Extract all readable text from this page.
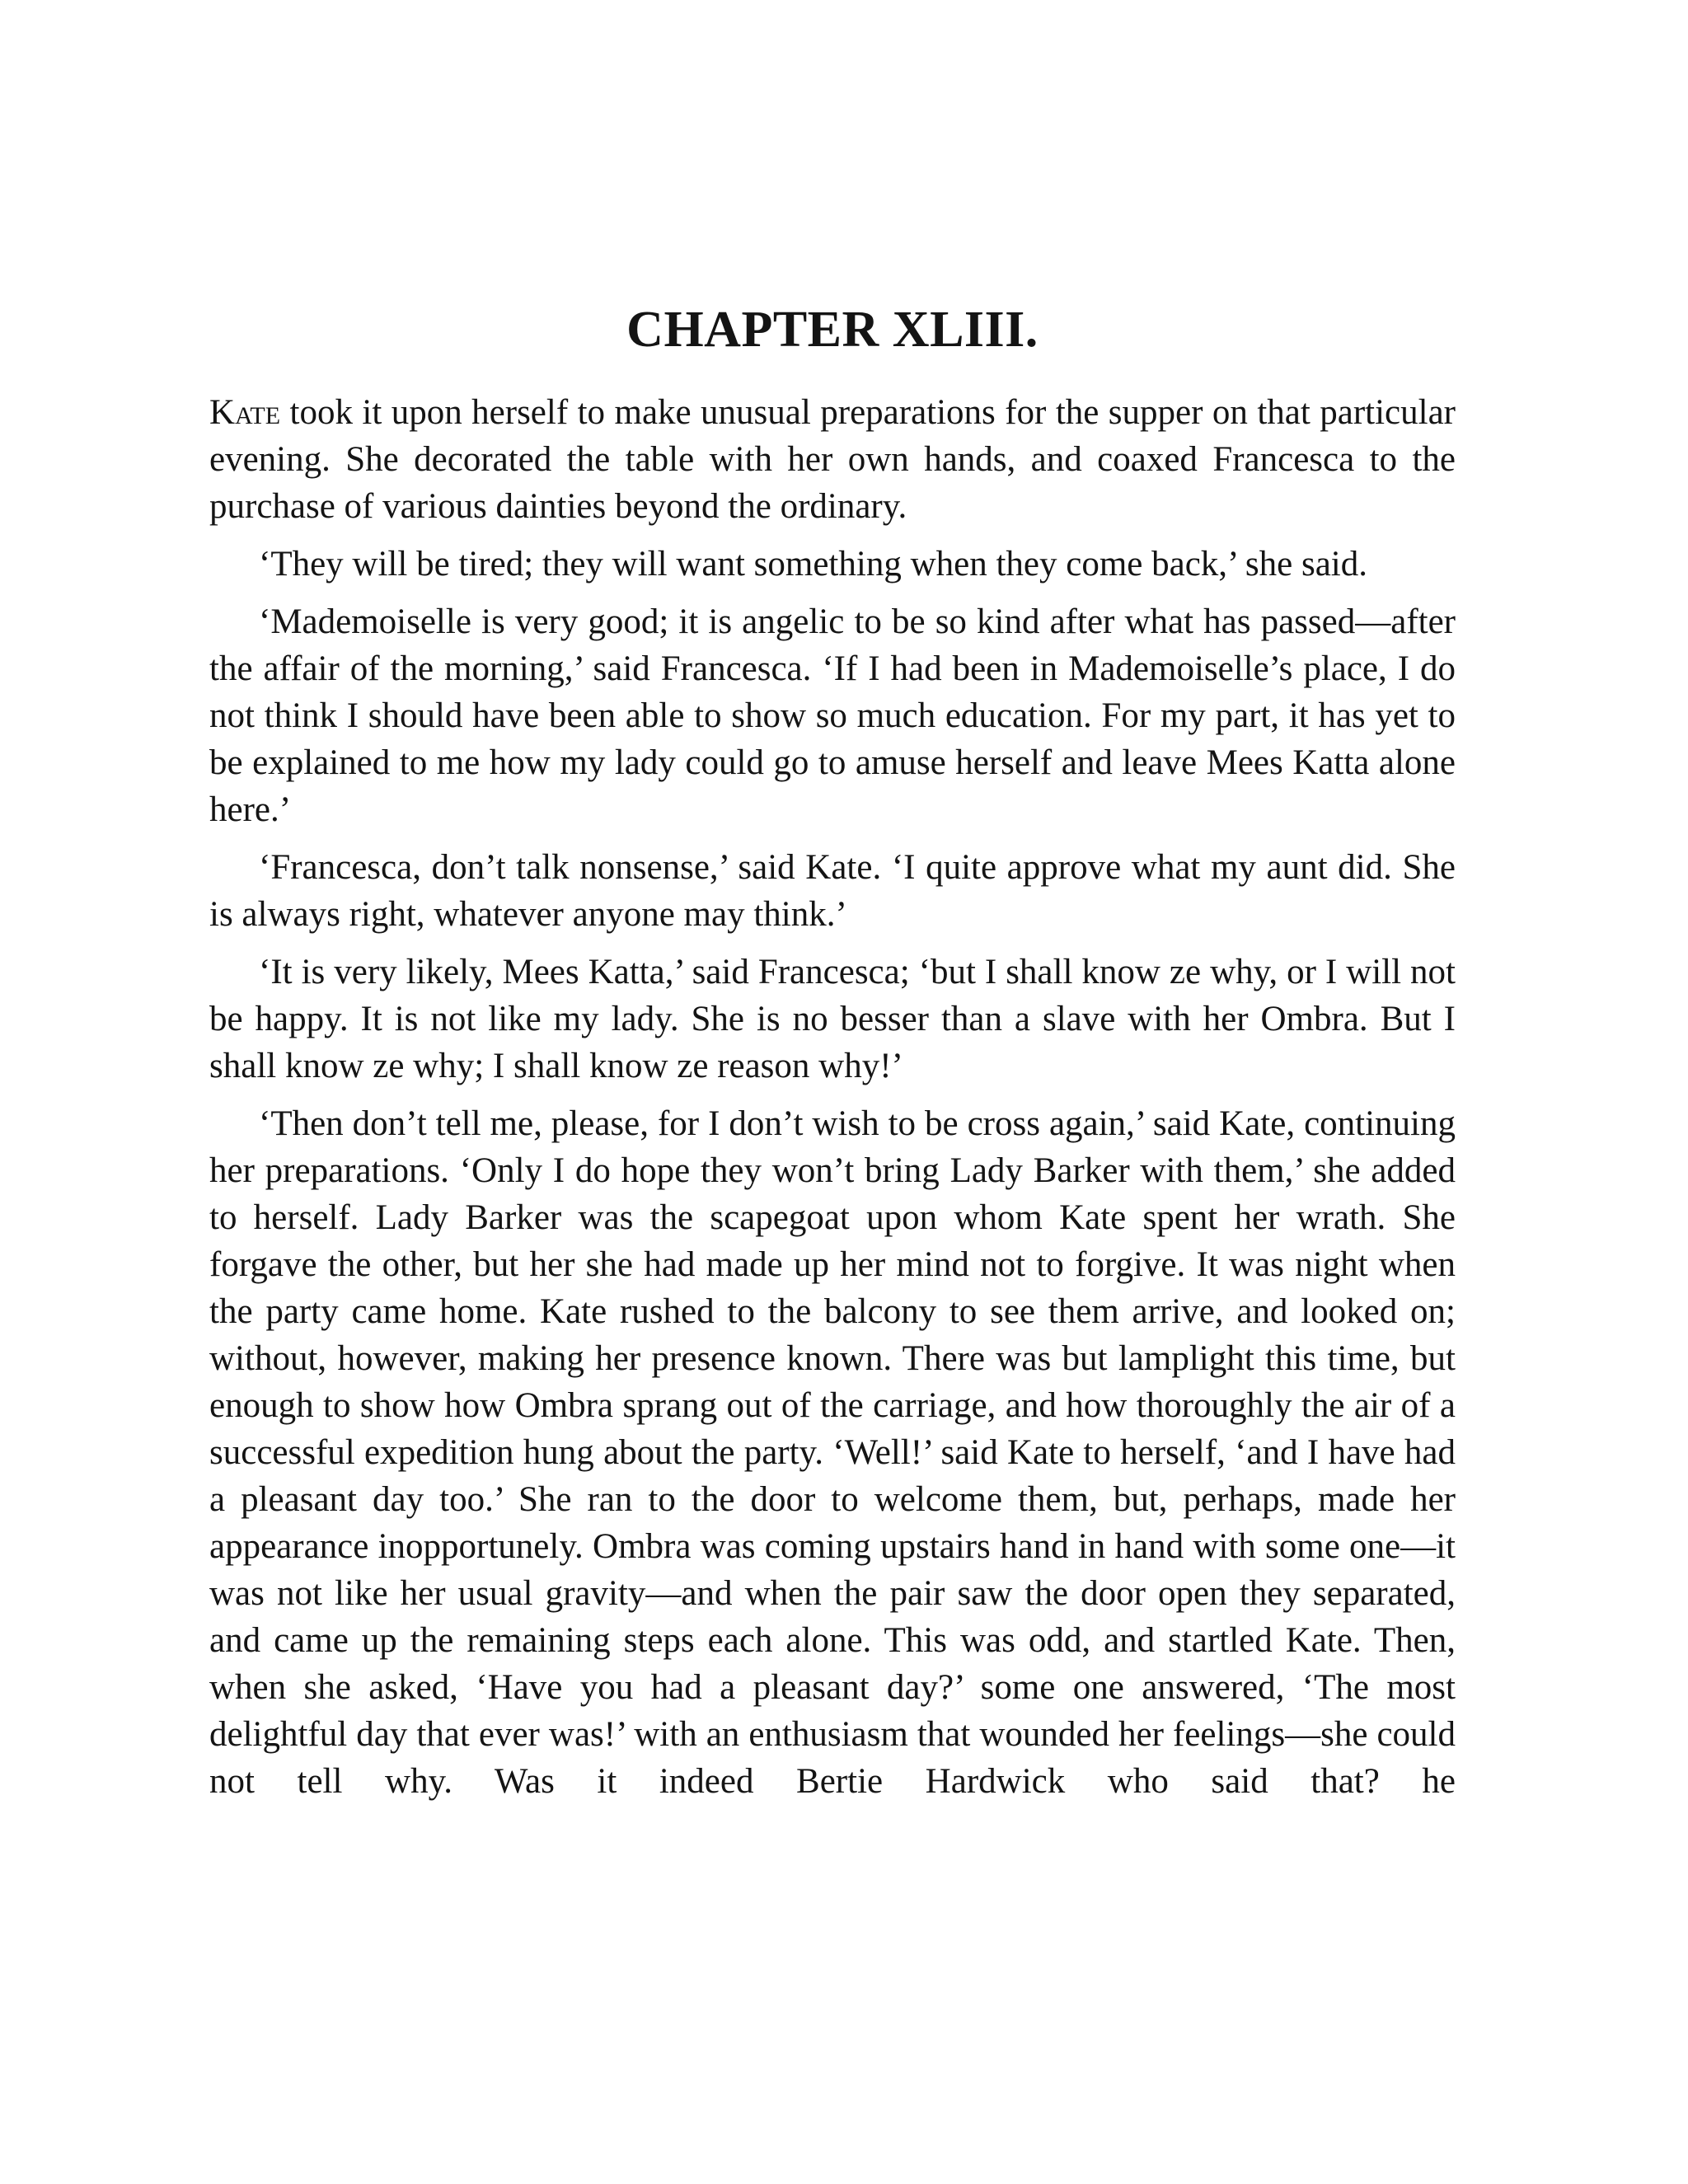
CHAPTER XLIII.

Kate took it upon herself to make unusual preparations for the supper on that particular evening. She decorated the table with her own hands, and coaxed Francesca to the purchase of various dainties beyond the ordinary.

‘They will be tired; they will want something when they come back,’ she said.

‘Mademoiselle is very good; it is angelic to be so kind after what has passed—after the affair of the morning,’ said Francesca. ‘If I had been in Mademoiselle’s place, I do not think I should have been able to show so much education. For my part, it has yet to be explained to me how my lady could go to amuse herself and leave Mees Katta alone here.’

‘Francesca, don’t talk nonsense,’ said Kate. ‘I quite approve what my aunt did. She is always right, whatever anyone may think.’

‘It is very likely, Mees Katta,’ said Francesca; ‘but I shall know ze why, or I will not be happy. It is not like my lady. She is no besser than a slave with her Ombra. But I shall know ze why; I shall know ze reason why!’

‘Then don’t tell me, please, for I don’t wish to be cross again,’ said Kate, continuing her preparations. ‘Only I do hope they won’t bring Lady Barker with them,’ she added to herself. Lady Barker was the scapegoat upon whom Kate spent her wrath. She forgave the other, but her she had made up her mind not to forgive. It was night when the party came home. Kate rushed to the balcony to see them arrive, and looked on; without, however, making her presence known. There was but lamplight this time, but enough to show how Ombra sprang out of the carriage, and how thoroughly the air of a successful expedition hung about the party. ‘Well!’ said Kate to herself, ‘and I have had a pleasant day too.’ She ran to the door to welcome them, but, perhaps, made her appearance inopportunely. Ombra was coming upstairs hand in hand with some one—it was not like her usual gravity—and when the pair saw the door open they separated, and came up the remaining steps each alone. This was odd, and startled Kate. Then, when she asked, ‘Have you had a pleasant day?’ some one answered, ‘The most delightful day that ever was!’ with an enthusiasm that wounded her feelings—she could not tell why. Was it indeed Bertie Hardwick who said that? he
